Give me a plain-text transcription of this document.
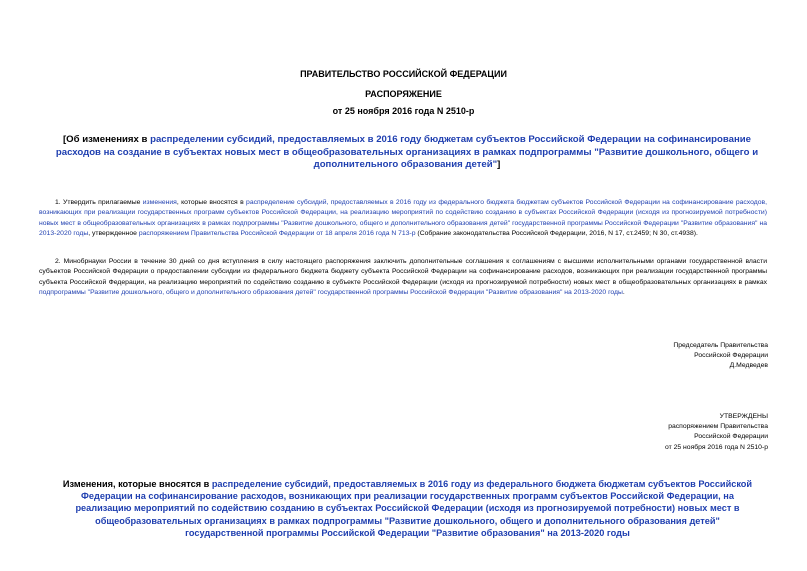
ПРАВИТЕЛЬСТВО РОССИЙСКОЙ ФЕДЕРАЦИИ
РАСПОРЯЖЕНИЕ
от 25 ноября 2016 года N 2510-р
[Об изменениях в распределении субсидий, предоставляемых в 2016 году бюджетам субъектов Российской Федерации на софинансирование расходов на создание в субъектах новых мест в общеобразовательных организациях в рамках подпрограммы "Развитие дошкольного, общего и дополнительного образования детей"]
1. Утвердить прилагаемые изменения, которые вносятся в распределение субсидий, предоставляемых в 2016 году из федерального бюджета бюджетам субъектов Российской Федерации на софинансирование расходов, возникающих при реализации государственных программ субъектов Российской Федерации, на реализацию мероприятий по содействию созданию в субъектах Российской Федерации (исходя из прогнозируемой потребности) новых мест в общеобразовательных организациях в рамках подпрограммы "Развитие дошкольного, общего и дополнительного образования детей" государственной программы Российской Федерации "Развитие образования" на 2013-2020 годы, утвержденное распоряжением Правительства Российской Федерации от 18 апреля 2016 года N 713-р (Собрание законодательства Российской Федерации, 2016, N 17, ст.2459; N 30, ст.4938).
2. Минобрнауки России в течение 30 дней со дня вступления в силу настоящего распоряжения заключить дополнительные соглашения к соглашениям с высшими исполнительными органами государственной власти субъектов Российской Федерации о предоставлении субсидии из федерального бюджета бюджету субъекта Российской Федерации на софинансирование расходов, возникающих при реализации государственной программы субъекта Российской Федерации, на реализацию мероприятий по содействию созданию в субъекте Российской Федерации (исходя из прогнозируемой потребности) новых мест в общеобразовательных организациях в рамках подпрограммы "Развитие дошкольного, общего и дополнительного образования детей" государственной программы Российской Федерации "Развитие образования" на 2013-2020 годы.
Председатель Правительства
Российской Федерации
Д.Медведев
УТВЕРЖДЕНЫ
распоряжением Правительства
Российской Федерации
от 25 ноября 2016 года N 2510-р
Изменения, которые вносятся в распределение субсидий, предоставляемых в 2016 году из федерального бюджета бюджетам субъектов Российской Федерации на софинансирование расходов, возникающих при реализации государственных программ субъектов Российской Федерации, на реализацию мероприятий по содействию созданию в субъектах Российской Федерации (исходя из прогнозируемой потребности) новых мест в общеобразовательных организациях в рамках подпрограммы "Развитие дошкольного, общего и дополнительного образования детей" государственной программы Российской Федерации "Развитие образования" на 2013-2020 годы
